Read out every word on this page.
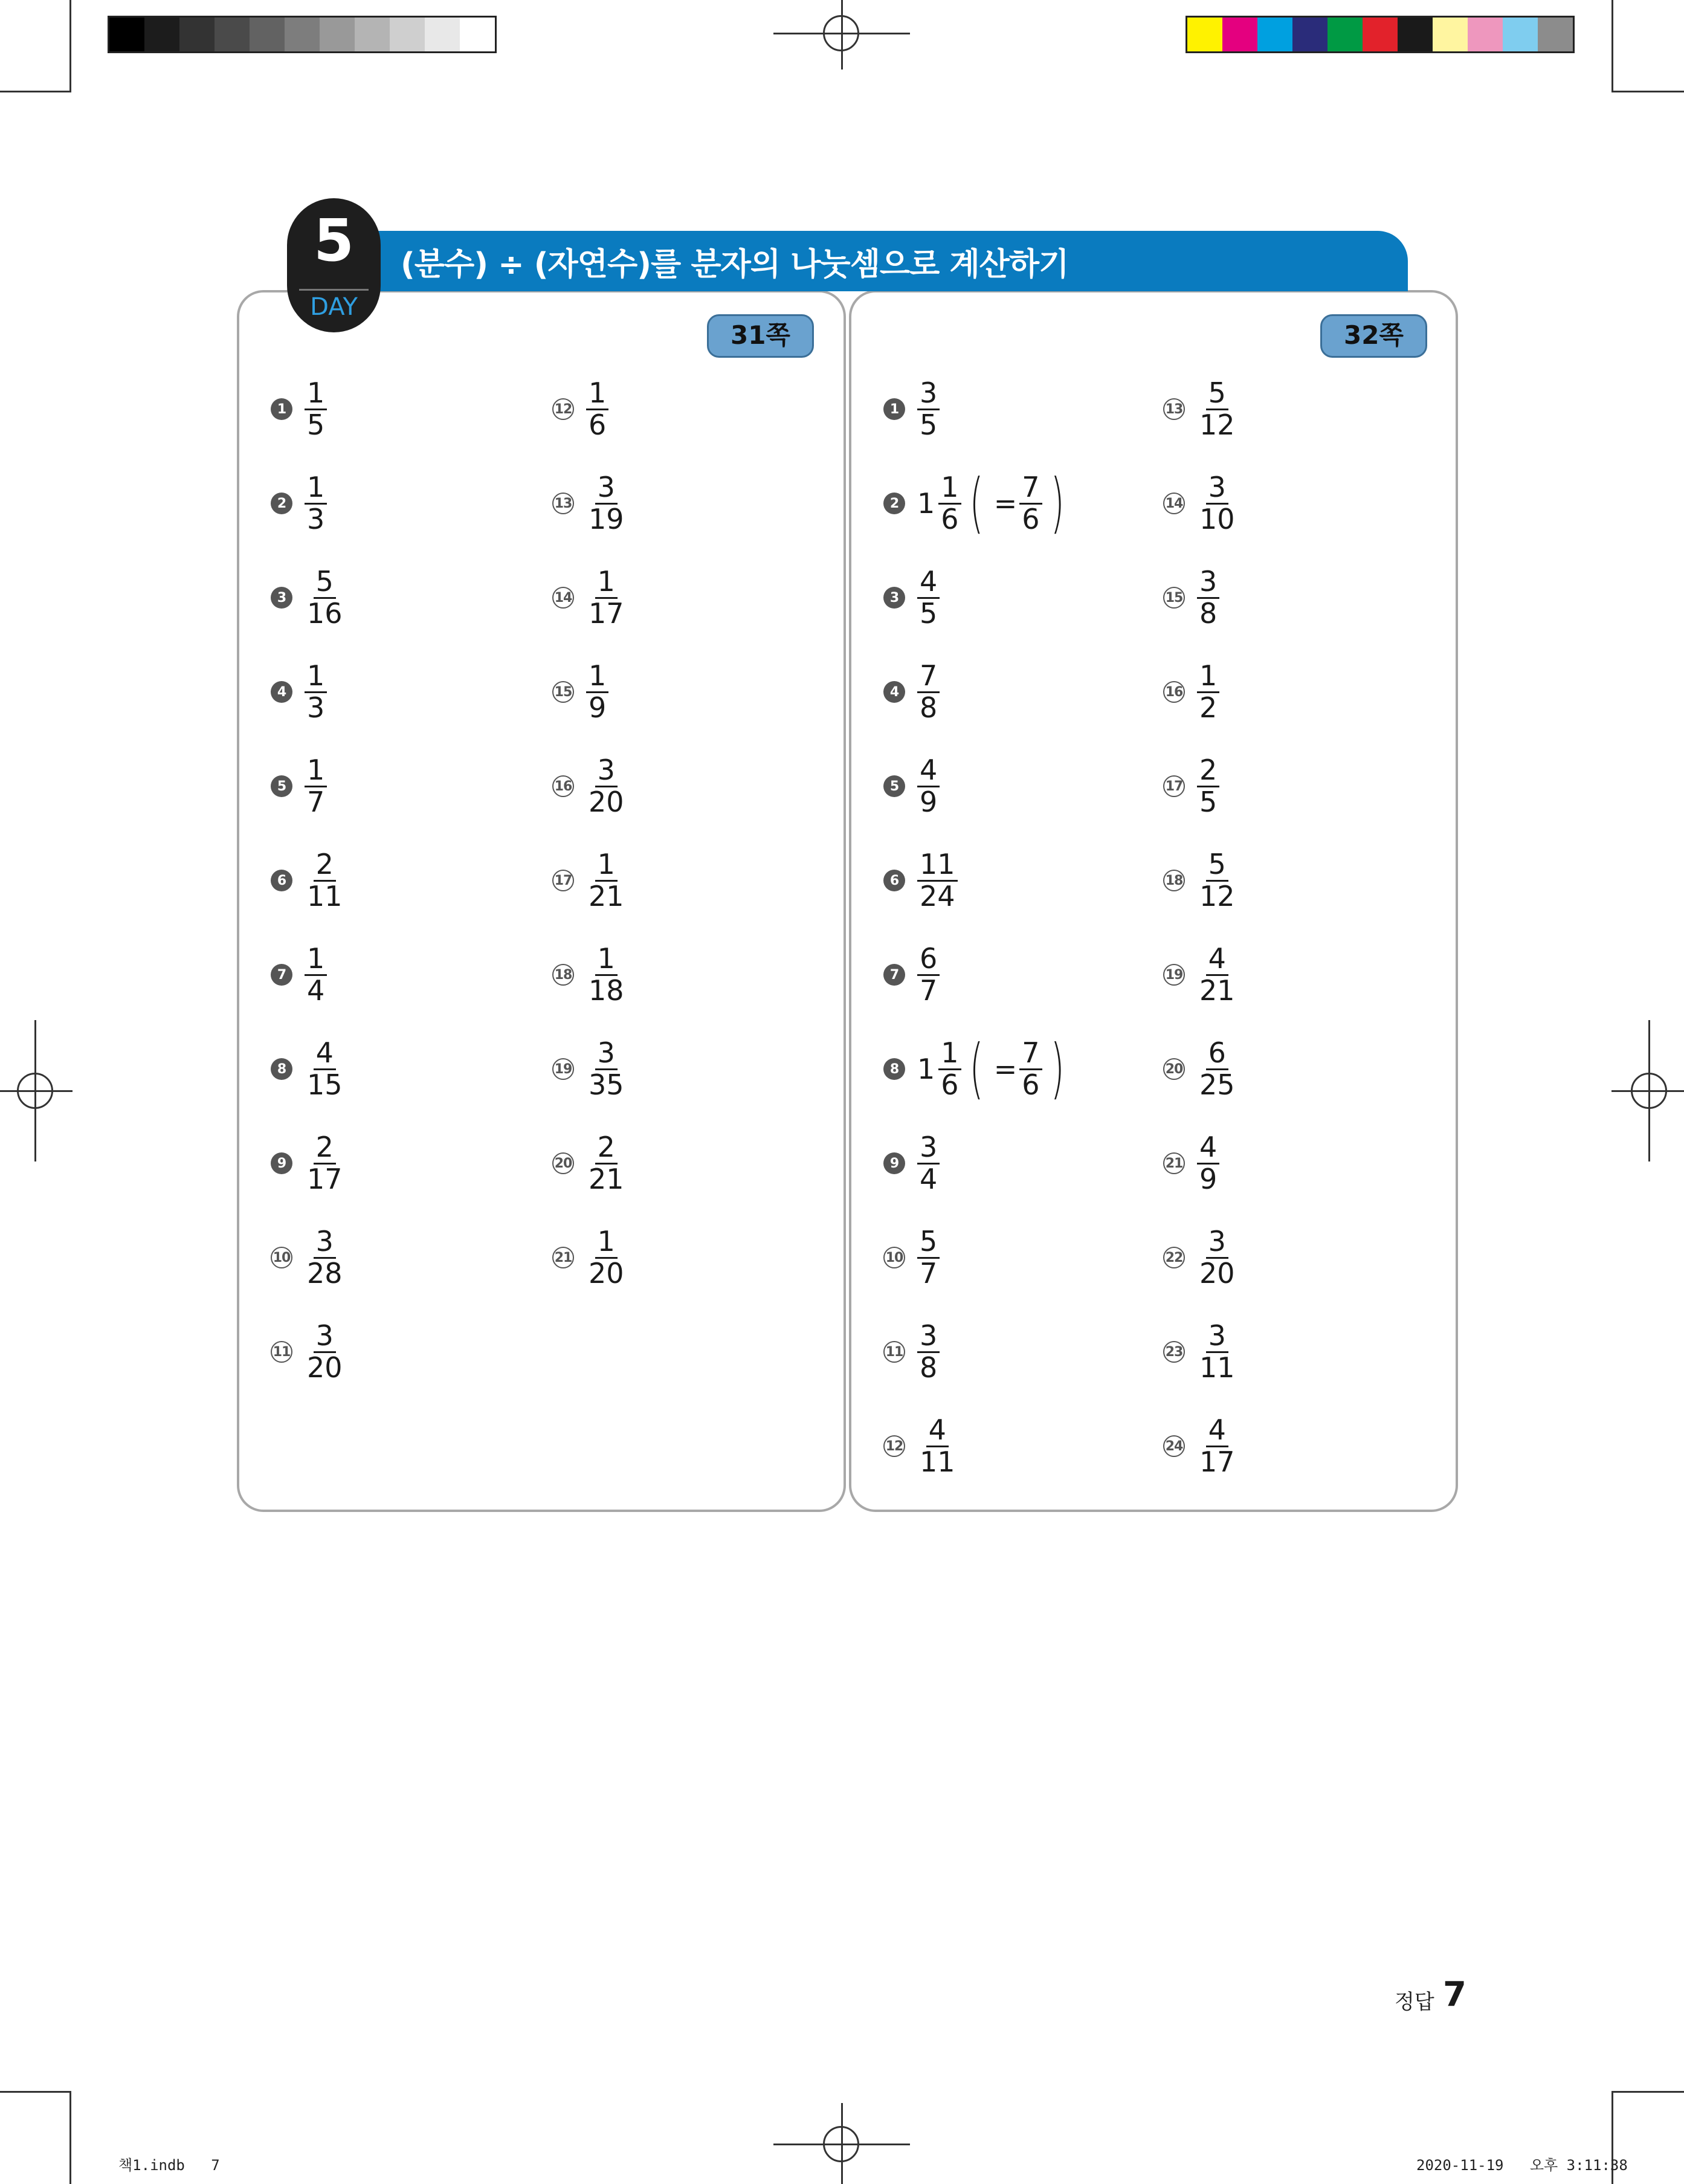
(분수) ÷ (자연수)를 분자의 나눗셈으로 계산하기
5
DAY
31쪽	32쪽
$1 \frac{1}{5}$
$2 \frac{1}{3}$
$3 \frac{5}{16}$
$4 \frac{1}{3}$
$5 \frac{1}{7}$
$6 \frac{2}{11}$
$7 \frac{1}{4}$
$8 \frac{4}{15}$
$9 \frac{2}{17}$
$10 \frac{3}{28}$
$11 \frac{3}{20}$
$12 \frac{1}{6}$
$13 \frac{3}{19}$
$14 \frac{1}{17}$
$15 \frac{1}{9}$
$16 \frac{3}{20}$
$17 \frac{1}{21}$
$18 \frac{1}{18}$
$19 \frac{3}{35}$
$20 \frac{2}{21}$
$21 \frac{1}{20}$
$1 \frac{3}{5}$
2 $1 \frac{1}{6}$ ( = $\frac{7}{6}$ )
$3 \frac{4}{5}$
$4 \frac{7}{8}$
$5 \frac{4}{9}$
$6 \frac{11}{24}$
$7 \frac{6}{7}$
8 $1 \frac{1}{6}$ ( = $\frac{7}{6}$ )
$9 \frac{3}{4}$
$10 \frac{5}{7}$
$11 \frac{3}{8}$
$12 \frac{4}{11}$
$13 \frac{5}{12}$
$14 \frac{3}{10}$
$15 \frac{3}{8}$
$16 \frac{1}{2}$
$17 \frac{2}{5}$
$18 \frac{5}{12}$
$19 \frac{4}{21}$
$20 \frac{6}{25}$
$21 \frac{4}{9}$
$22 \frac{3}{20}$
$23 \frac{3}{11}$
$24 \frac{4}{17}$
정답 7
책1.indb   7	2020-11-19   오후 3:11:38
